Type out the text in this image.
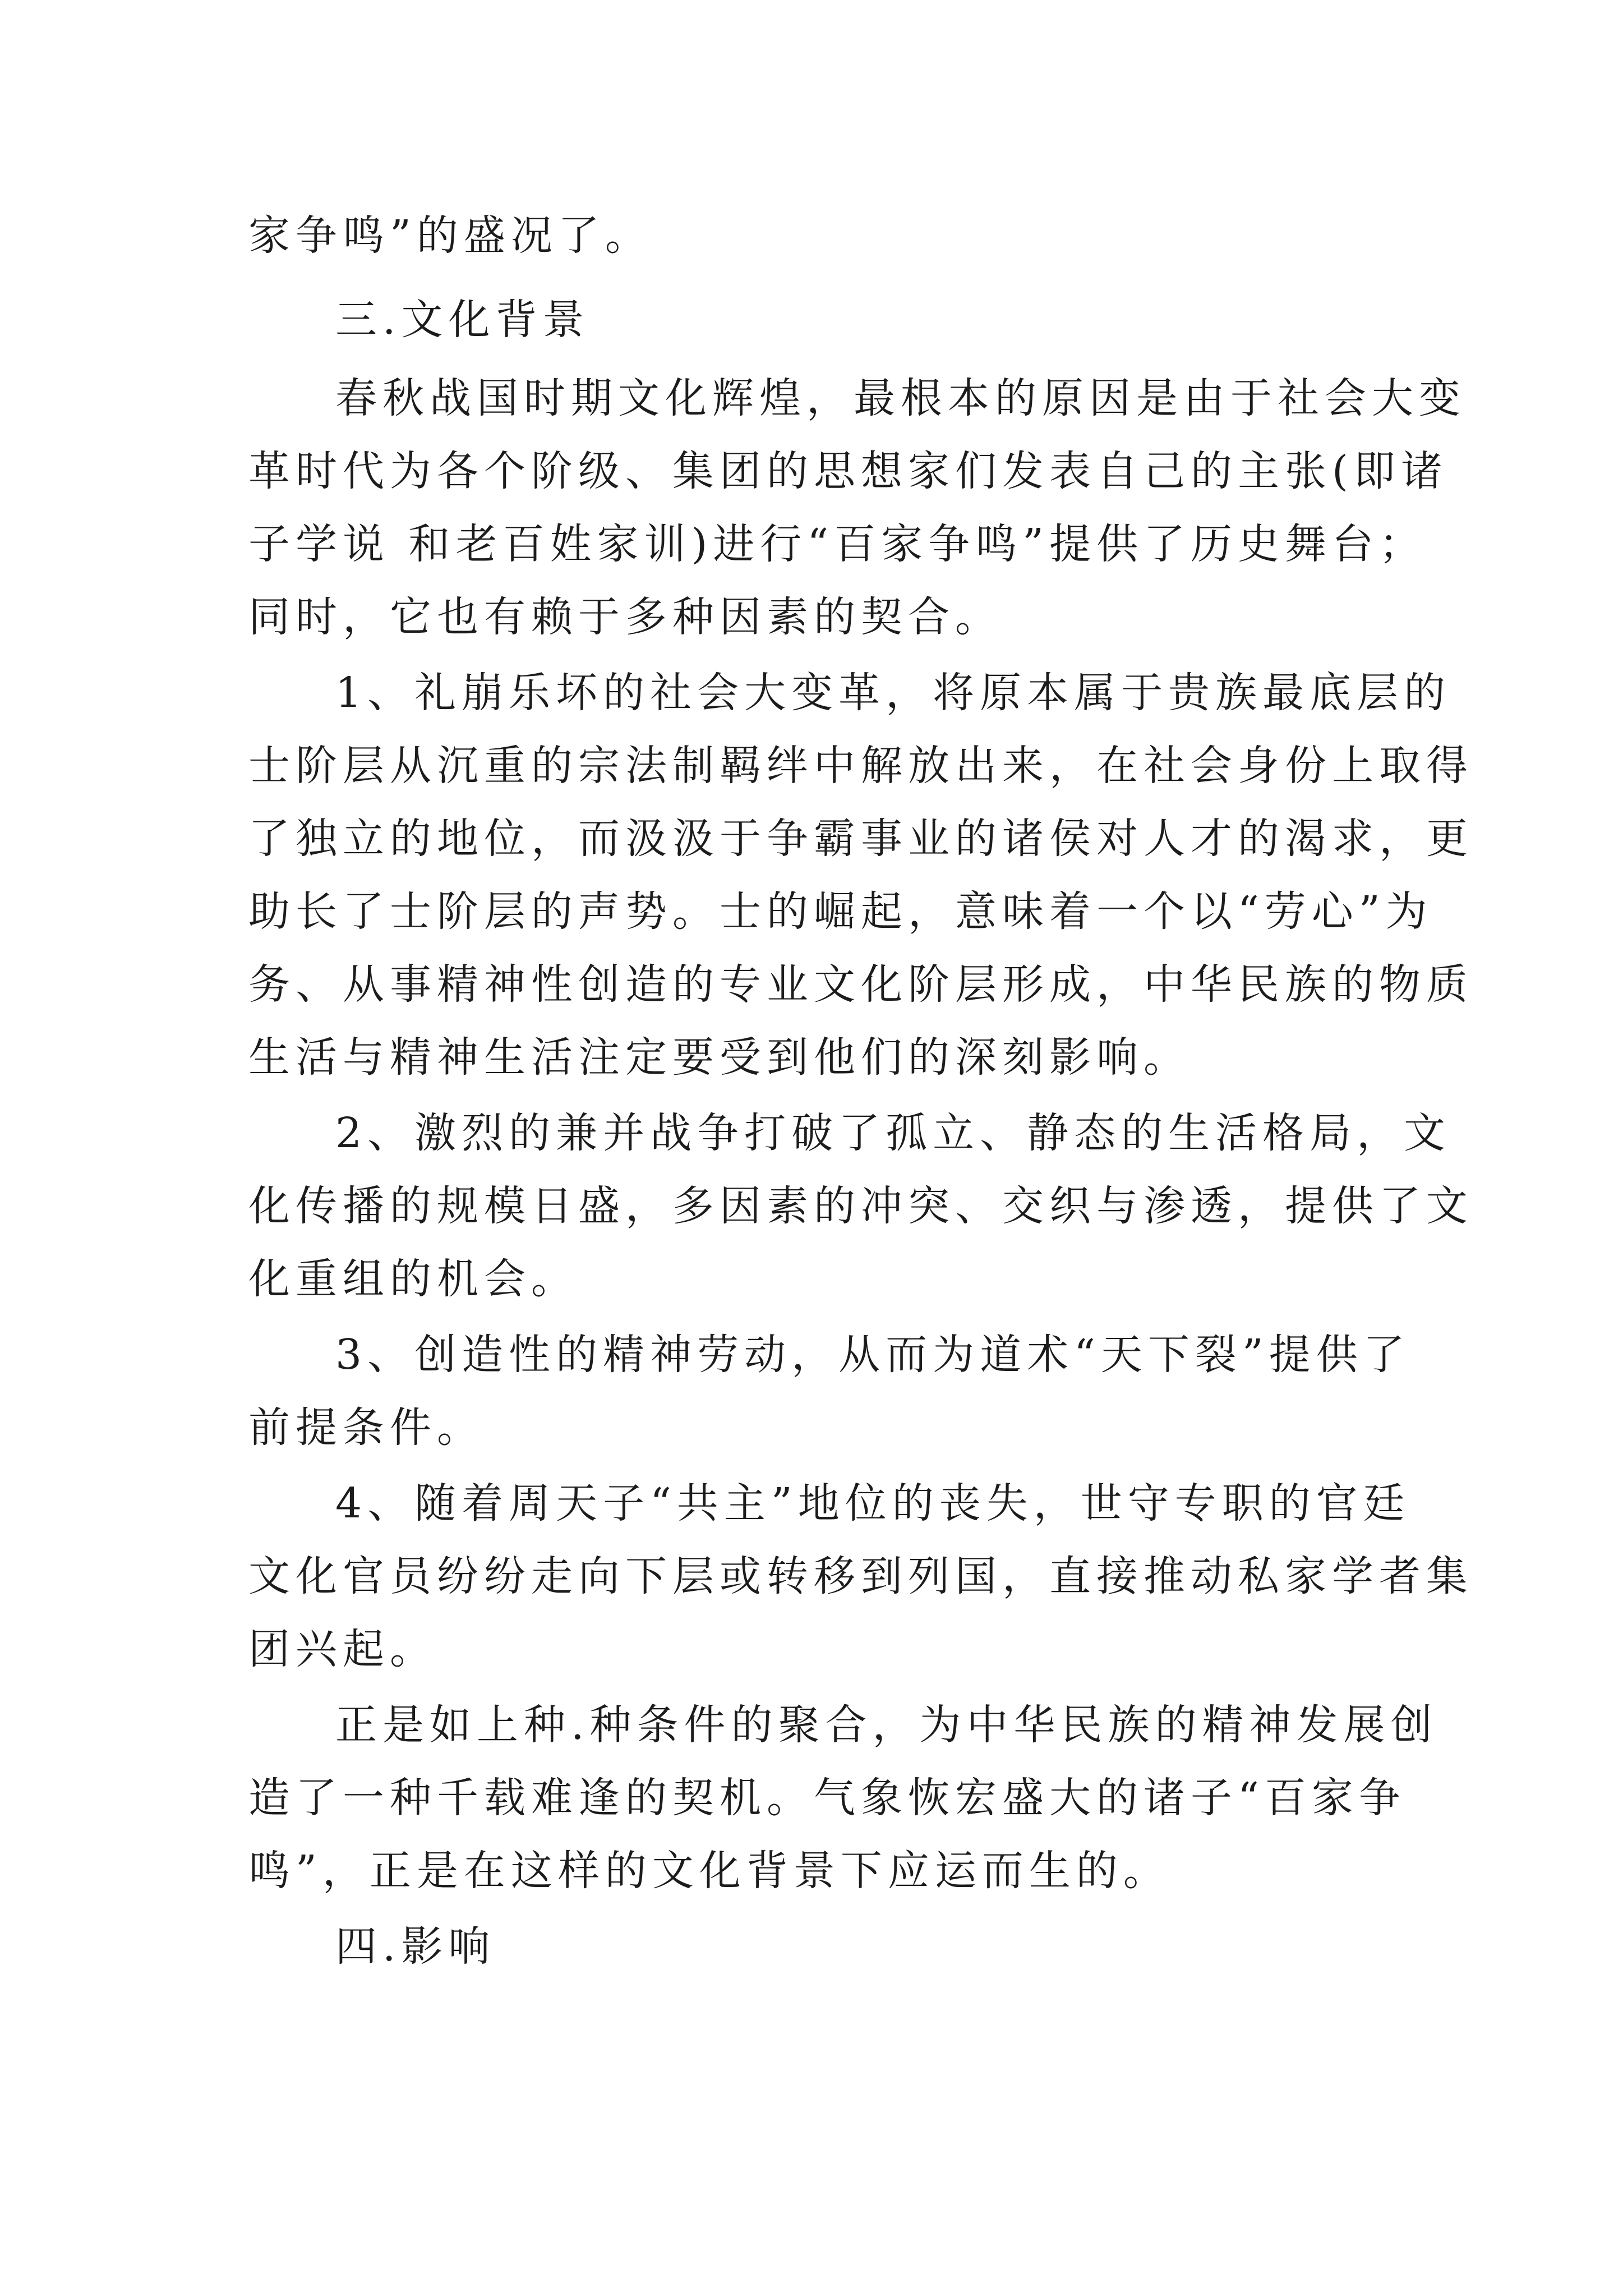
家争鸣”的盛况了。
三.文化背景
春秋战国时期文化辉煌，最根本的原因是由于社会大变
革时代为各个阶级、集团的思想家们发表自己的主张(即诸
子学说 和老百姓家训)进行“百家争鸣”提供了历史舞台；
同时，它也有赖于多种因素的契合。
1、礼崩乐坏的社会大变革，将原本属于贵族最底层的
士阶层从沉重的宗法制羁绊中解放出来，在社会身份上取得
了独立的地位，而汲汲于争霸事业的诸侯对人才的渴求，更
助长了士阶层的声势。士的崛起，意味着一个以“劳心”为
务、从事精神性创造的专业文化阶层形成，中华民族的物质
生活与精神生活注定要受到他们的深刻影响。
2、激烈的兼并战争打破了孤立、静态的生活格局，文
化传播的规模日盛，多因素的冲突、交织与渗透，提供了文
化重组的机会。
3、创造性的精神劳动，从而为道术“天下裂”提供了
前提条件。
4、随着周天子“共主”地位的丧失，世守专职的官廷
文化官员纷纷走向下层或转移到列国，直接推动私家学者集
团兴起。
正是如上种.种条件的聚合，为中华民族的精神发展创
造了一种千载难逢的契机。气象恢宏盛大的诸子“百家争
鸣”，正是在这样的文化背景下应运而生的。
四.影响
